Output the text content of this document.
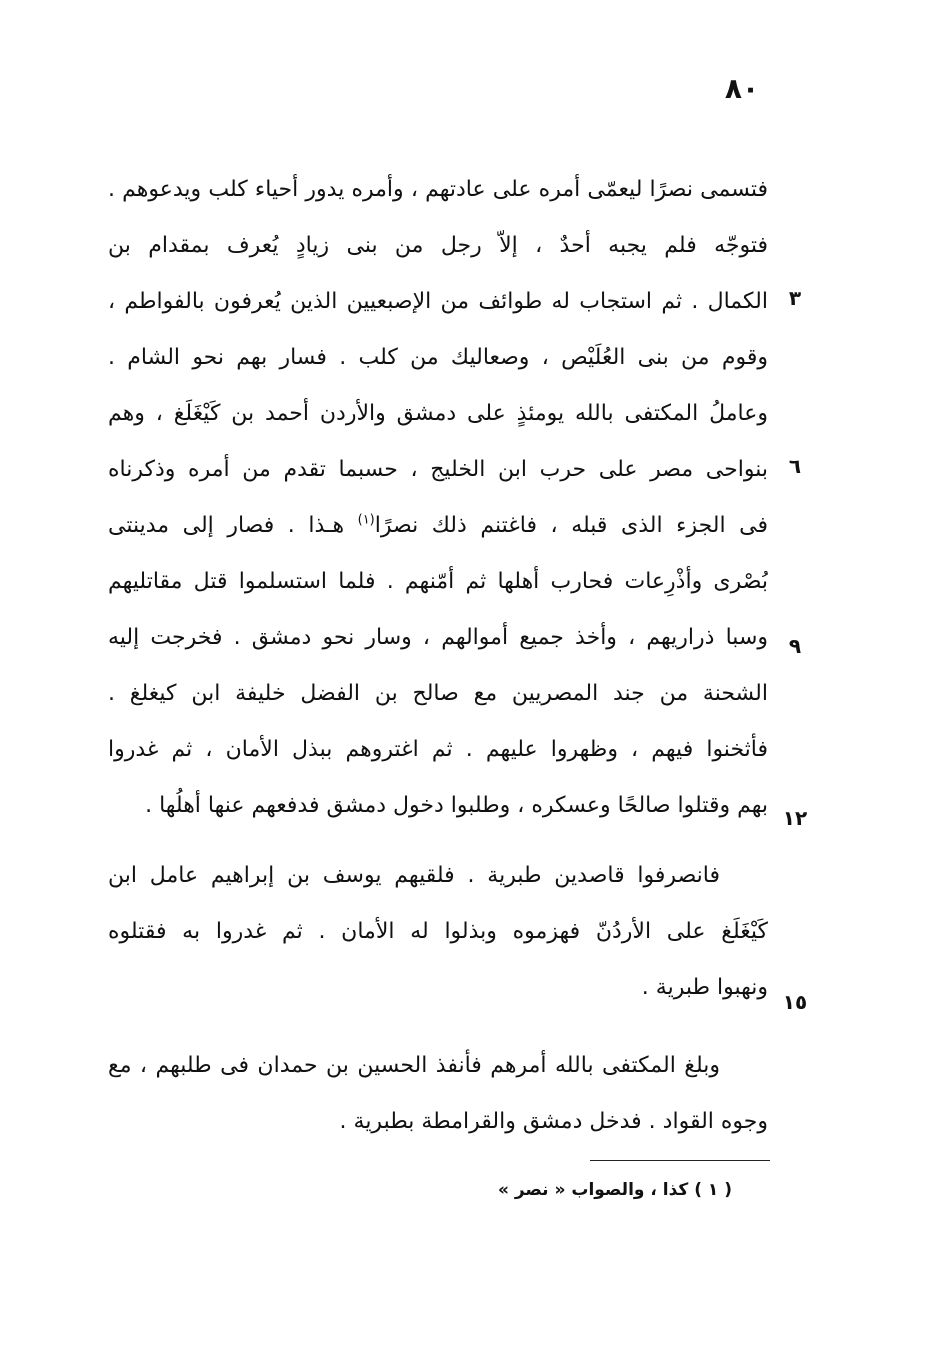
٨٠
فتسمى نصرًا ليعمّى أمره على عادتهم ، وأمره يدور أحياء كلب ويدعوهم .
فتوجّه فلم يجبه أحدٌ ، إلاّ رجل من بنى زيادٍ يُعرف بمقدام بن
الكمال . ثم استجاب له طوائف من الإصبعيين الذين يُعرفون بالفواطم ،
وقوم من بنى العُلَيْص ، وصعاليك من كلب . فسار بهم نحو الشام .
وعاملُ المكتفى بالله يومئذٍ على دمشق والأردن أحمد بن كَيْغَلَغ ، وهم
بنواحى مصر على حرب ابن الخليج ، حسبما تقدم من أمره وذكرناه
فى الجزء الذى قبله ، فاغتنم ذلك نصرًا$^{(١)}$ هـذا . فصار إلى مدينتى
بُصْرى وأذْرِعات فحارب أهلها ثم أمّنهم . فلما استسلموا قتل مقاتليهم
وسبا ذراريهم ، وأخذ جميع أموالهم ، وسار نحو دمشق . فخرجت إليه
الشحنة من جند المصريين مع صالح بن الفضل خليفة ابن كيغلغ .
فأثخنوا فيهم ، وظهروا عليهم . ثم اغتروهم ببذل الأمان ، ثم غدروا
بهم وقتلوا صالحًا وعسكره ، وطلبوا دخول دمشق فدفعهم عنها أهلُها .
فانصرفوا قاصدين طبرية . فلقيهم يوسف بن إبراهيم عامل ابن
كَيْغَلَغ على الأردُنّ فهزموه وبذلوا له الأمان . ثم غدروا به فقتلوه
ونهبوا طبرية .
وبلغ المكتفى بالله أمرهم فأنفذ الحسين بن حمدان فى طلبهم ، مع
وجوه القواد . فدخل دمشق والقرامطة بطبرية .
٣
٦
٩
١٢
١٥
( ١ ) كذا ، والصواب « نصر »
